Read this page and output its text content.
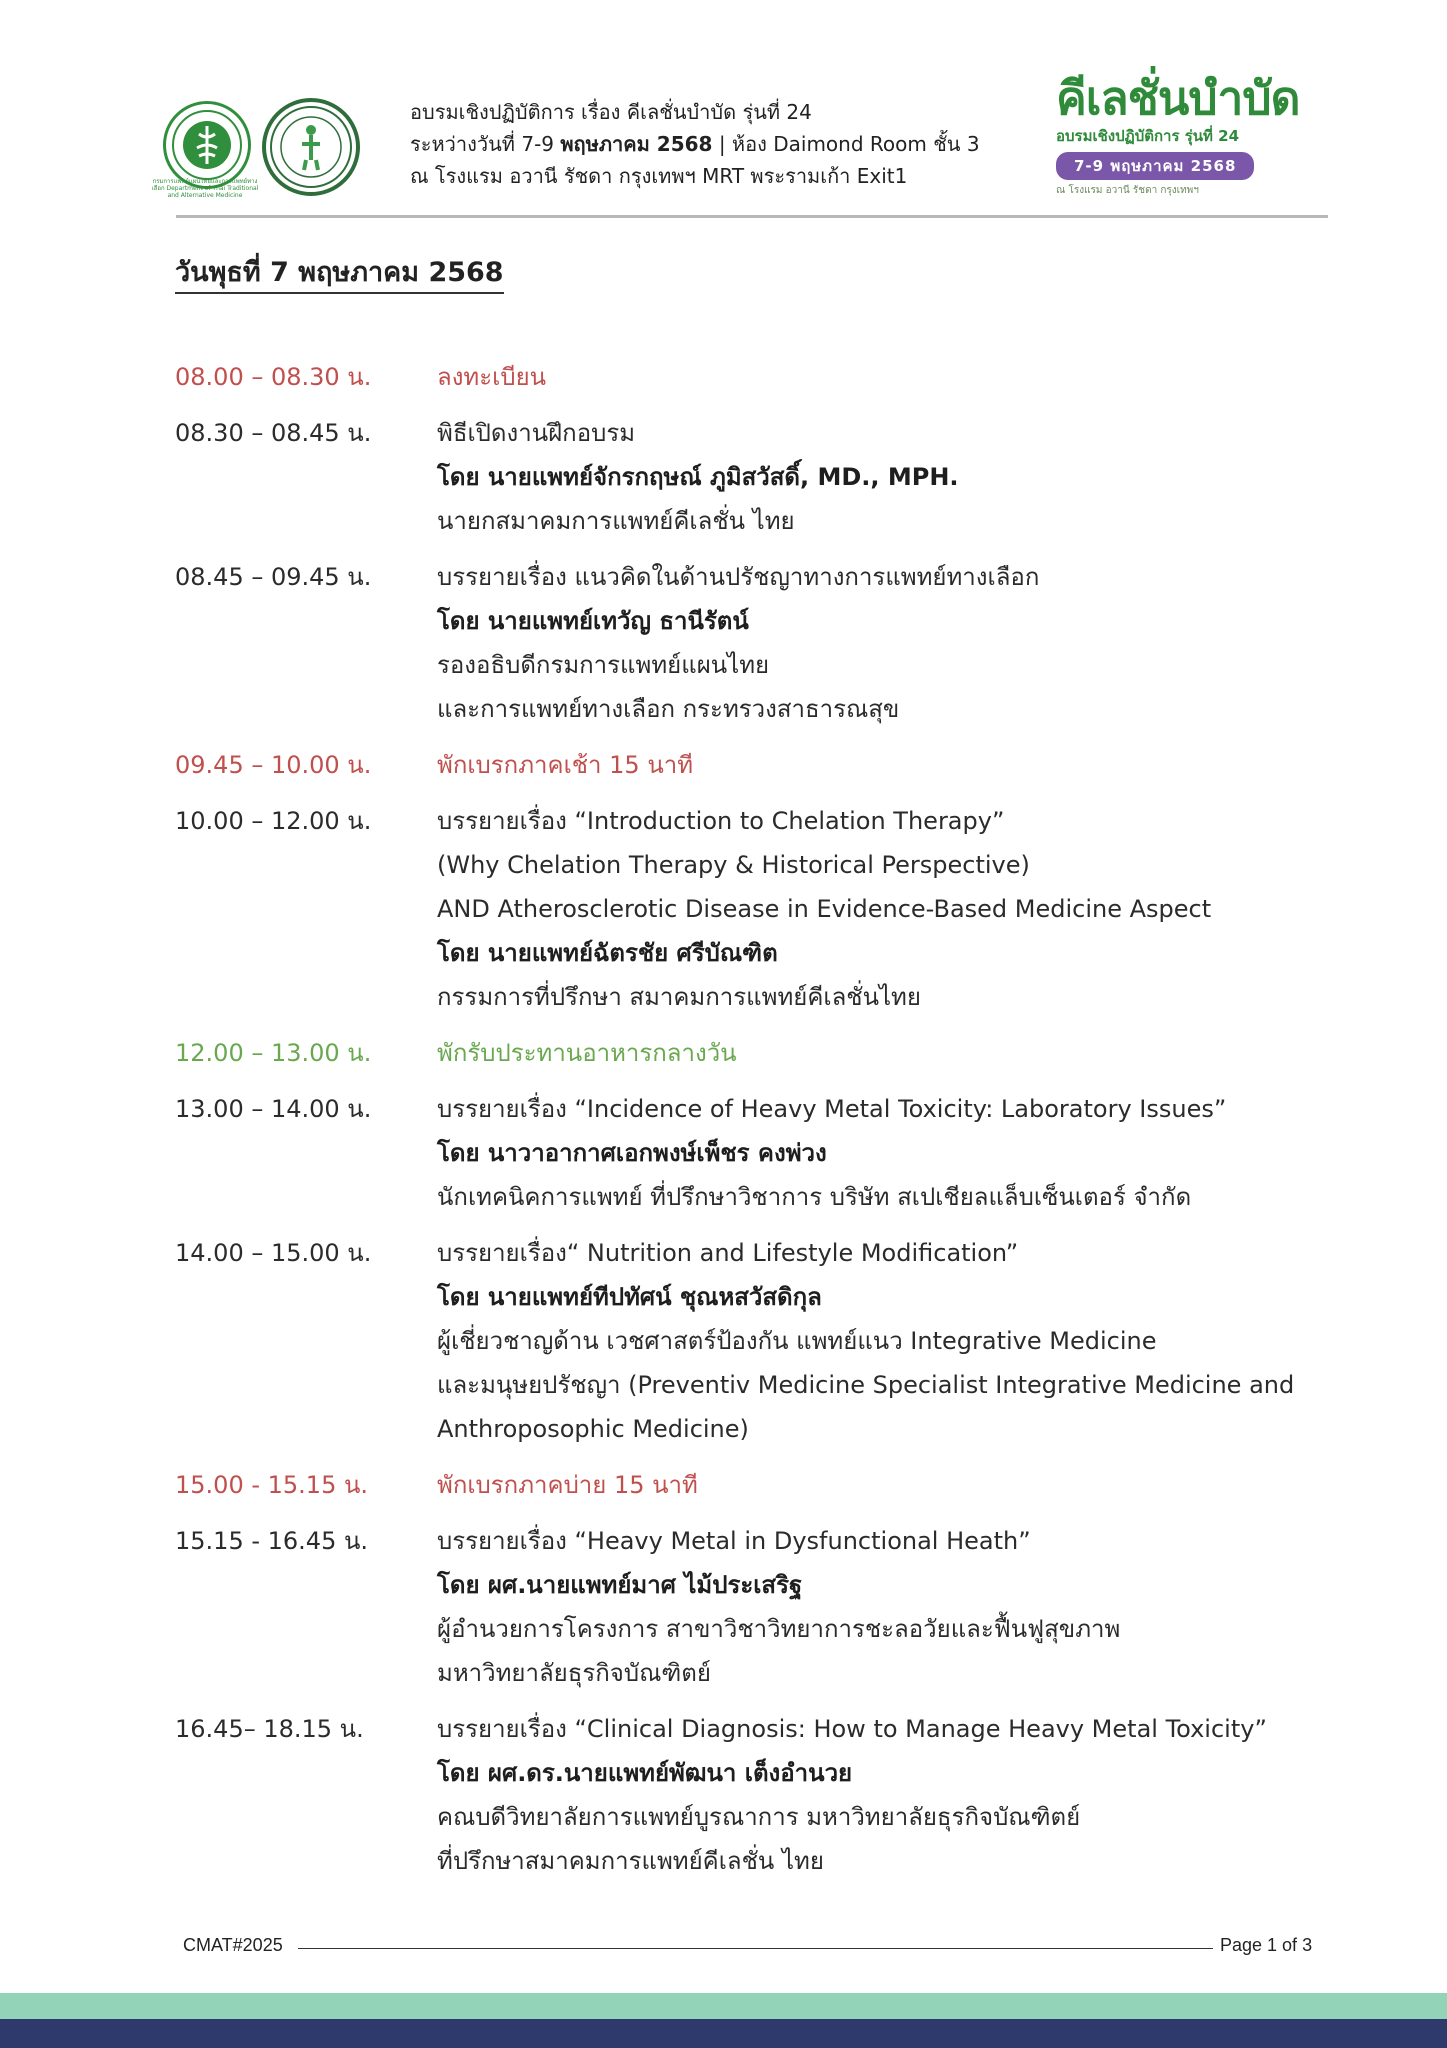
กรมการแพทย์แผนไทยและการแพทย์ทางเลือก Department of Thai Traditional and Alternative Medicine
อบรมเชิงปฏิบัติการ เรื่อง คีเลชั่นบำบัด รุ่นที่ 24
ระหว่างวันที่ 7-9 พฤษภาคม 2568 | ห้อง Daimond Room ชั้น 3
ณ โรงแรม อวานี รัชดา กรุงเทพฯ MRT พระรามเก้า Exit1
คีเลชั่นบำบัด
อบรมเชิงปฏิบัติการ รุ่นที่ 24
7-9 พฤษภาคม 2568
ณ โรงแรม อวานี รัชดา กรุงเทพฯ
วันพุธที่ 7 พฤษภาคม 2568
08.00 – 08.30 น.	ลงทะเบียน
08.30 – 08.45 น.	พิธีเปิดงานฝึกอบรม
โดย นายแพทย์จักรกฤษณ์ ภูมิสวัสดิ์, MD., MPH.
นายกสมาคมการแพทย์คีเลชั่น ไทย
08.45 – 09.45 น.	บรรยายเรื่อง แนวคิดในด้านปรัชญาทางการแพทย์ทางเลือก
โดย นายแพทย์เทวัญ ธานีรัตน์
รองอธิบดีกรมการแพทย์แผนไทย
และการแพทย์ทางเลือก กระทรวงสาธารณสุข
09.45 – 10.00 น.	พักเบรกภาคเช้า 15 นาที
10.00 – 12.00 น.	บรรยายเรื่อง “Introduction to Chelation Therapy”
(Why Chelation Therapy & Historical Perspective)
AND Atherosclerotic Disease in Evidence-Based Medicine Aspect
โดย นายแพทย์ฉัตรชัย ศรีบัณฑิต
กรรมการที่ปรึกษา สมาคมการแพทย์คีเลชั่นไทย
12.00 – 13.00 น.	พักรับประทานอาหารกลางวัน
13.00 – 14.00 น.	บรรยายเรื่อง “Incidence of Heavy Metal Toxicity: Laboratory Issues”
โดย นาวาอากาศเอกพงษ์เพ็ชร คงพ่วง
นักเทคนิคการแพทย์ ที่ปรึกษาวิชาการ บริษัท สเปเชียลแล็บเซ็นเตอร์ จำกัด
14.00 – 15.00 น.	บรรยายเรื่อง“ Nutrition and Lifestyle Modification”
โดย นายแพทย์ทีปทัศน์ ชุณหสวัสดิกุล
ผู้เชี่ยวชาญด้าน เวชศาสตร์ป้องกัน แพทย์แนว Integrative Medicine
และมนุษยปรัชญา (Preventiv Medicine Specialist Integrative Medicine and
Anthroposophic Medicine)
15.00 - 15.15 น.	พักเบรกภาคบ่าย 15 นาที
15.15 - 16.45 น.	บรรยายเรื่อง “Heavy Metal in Dysfunctional Heath”
โดย ผศ.นายแพทย์มาศ ไม้ประเสริฐ
ผู้อำนวยการโครงการ สาขาวิชาวิทยาการชะลอวัยและฟื้นฟูสุขภาพ
มหาวิทยาลัยธุรกิจบัณฑิตย์
16.45– 18.15 น.	บรรยายเรื่อง “Clinical Diagnosis: How to Manage Heavy Metal Toxicity”
โดย ผศ.ดร.นายแพทย์พัฒนา เต็งอำนวย
คณบดีวิทยาลัยการแพทย์บูรณาการ มหาวิทยาลัยธุรกิจบัณฑิตย์
ที่ปรึกษาสมาคมการแพทย์คีเลชั่น ไทย
CMAT#2025	Page 1 of 3
